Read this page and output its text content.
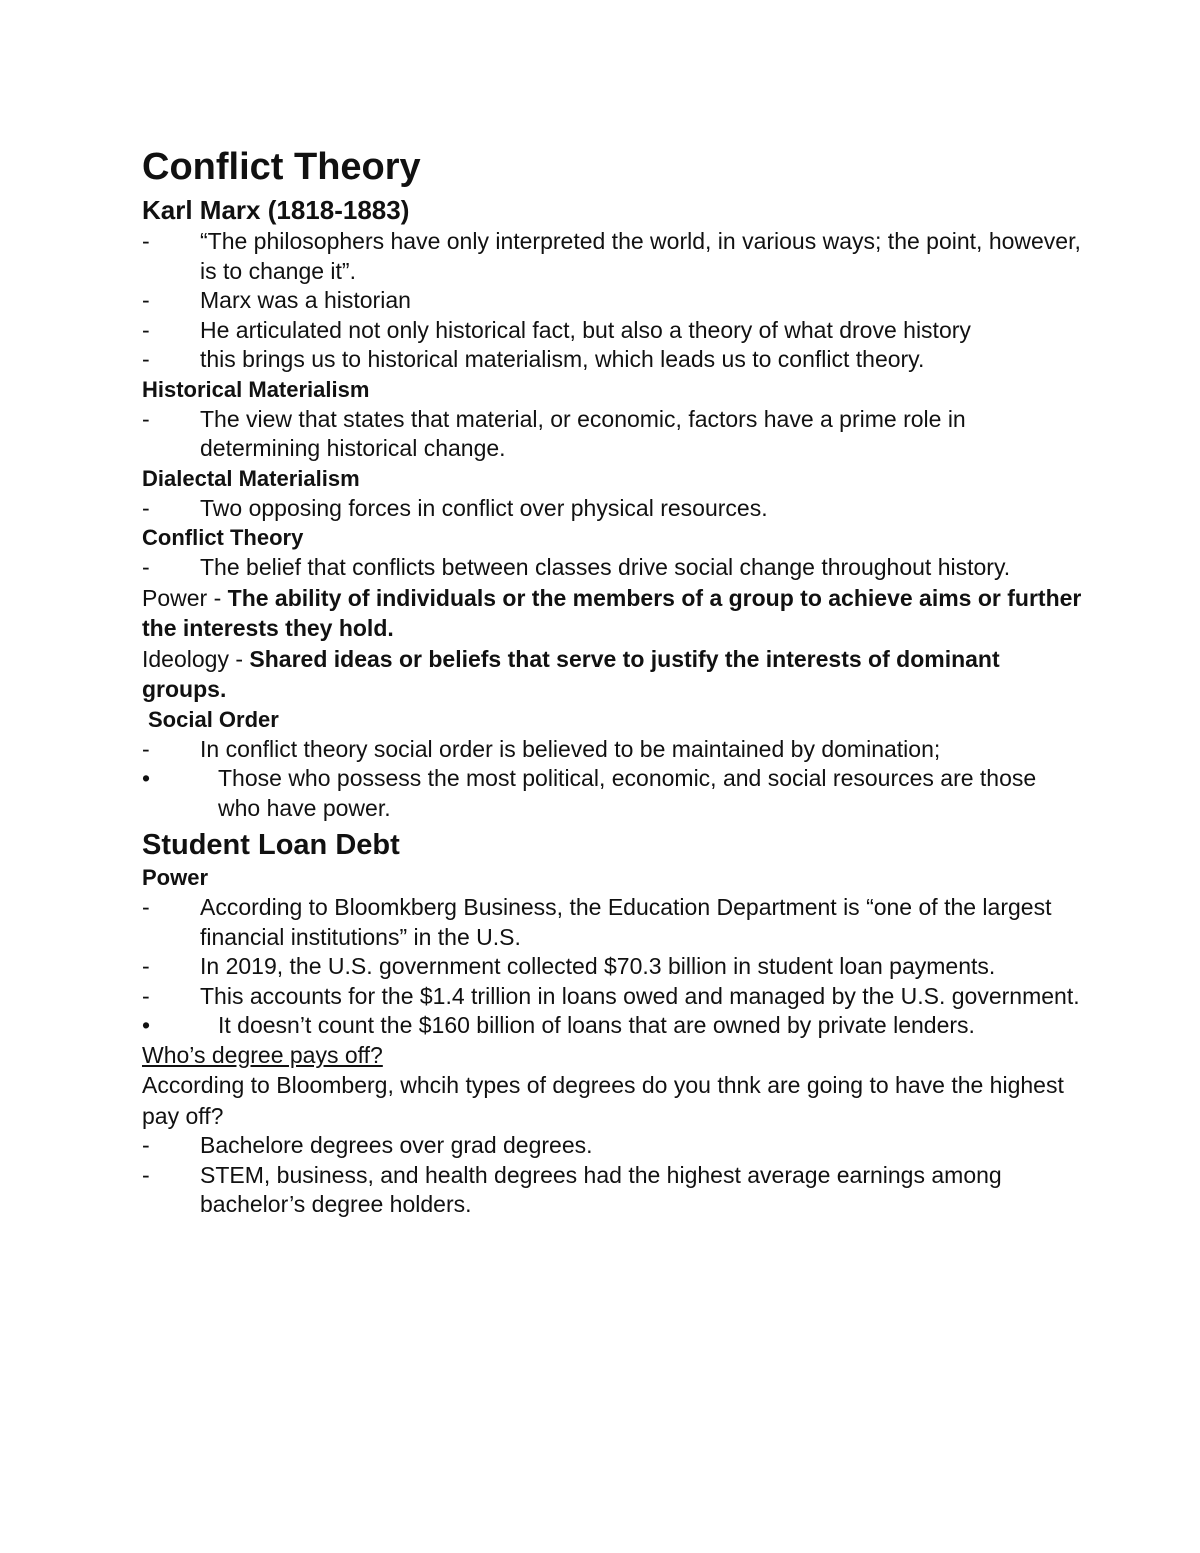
Conflict Theory
Karl Marx (1818-1883)
- “The philosophers have only interpreted the world, in various ways; the point, however, is to change it”.
- Marx was a historian
- He articulated not only historical fact, but also a theory of what drove history
- this brings us to historical materialism, which leads us to conflict theory.
Historical Materialism
- The view that states that material, or economic, factors have a prime role in determining historical change.
Dialectal Materialism
- Two opposing forces in conflict over physical resources.
Conflict Theory
- The belief that conflicts between classes drive social change throughout history.
Power - The ability of individuals or the members of a group to achieve aims or further the interests they hold.
Ideology - Shared ideas or beliefs that serve to justify the interests of dominant groups.
Social Order
- In conflict theory social order is believed to be maintained by domination;
•	Those who possess the most political, economic, and social resources are those who have power.
Student Loan Debt
Power
- According to Bloomkberg Business, the Education Department is “one of the largest financial institutions” in the U.S.
- In 2019, the U.S. government collected $70.3 billion in student loan payments.
- This accounts for the $1.4 trillion in loans owed and managed by the U.S. government.
•	It doesn’t count the $160 billion of loans that are owned by private lenders.
Who’s degree pays off?
According to Bloomberg, whcih types of degrees do you thnk are going to have the highest pay off?
- Bachelore degrees over grad degrees.
- STEM, business, and health degrees had the highest average earnings among bachelor’s degree holders.
